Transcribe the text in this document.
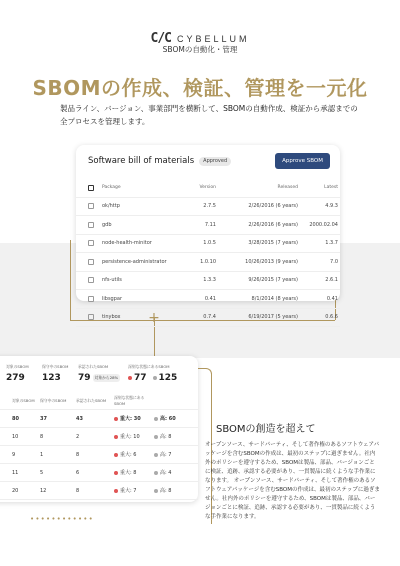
C/C CYBELLUM
SBOMの自動化・管理
SBOMの作成、検証、管理を一元化
製品ライン、バージョン、事業部門を横断して、SBOMの自動作成、検証から承認までの全プロセスを管理します。
+
Software bill of materials	Approved	Approve SBOM
Package	Version	Released	Latest
ok/http	2.7.5	2/26/2016 (6 years)	4.9.3
gdb	7.11	2/26/2016 (6 years)	2000.02.04
node-health-minitor	1.0.5	3/28/2015 (7 years)	1.3.7
persistence-administrator	1.0.10	10/26/2013 (9 years)	7.0
nfs-utils	1.3.3	9/26/2015 (7 years)	2.6.1
libsgpar	0.41	8/1/2014 (8 years)	0.41
tinybox	0.7.4	6/19/2017 (5 years)	0.6.6
対象のSBOM
279
保守中のSBOM
123
承認されたSBOM
79	対象から28%
深刻な状態にあるSBOM
77 125
対象のSBOM	保守中のSBOM	承認されたSBOM	深刻な状態にあるSBOM
80	37	43	重大: 30	高: 60
10	8	2	重大: 10	高: 8
9	1	8	重大: 6	高: 7
11	5	6	重大: 8	高: 4
20	12	8	重大: 7	高: 8
SBOMの創造を超えて
オープンソース、サードパーティ、そして著作権のあるソフトウェアパッケージを含むSBOMの作成は、最初のステップに過ぎません。社内外のポリシーを遵守するため、SBOMは製品、部品、バージョンごとに検証、追跡、承認する必要があり、一貫製品に続くような手作業になります。 オープンソース、サードパーティ、そして著作権のあるソフトウェアパッケージを含むSBOMの作成は、最初のステップに過ぎません。社内外のポリシーを遵守するため、SBOMは製品、部品、バージョンごとに検証、追跡、承認する必要があり、一貫製品に続くような手作業になります。
••••••••••••
